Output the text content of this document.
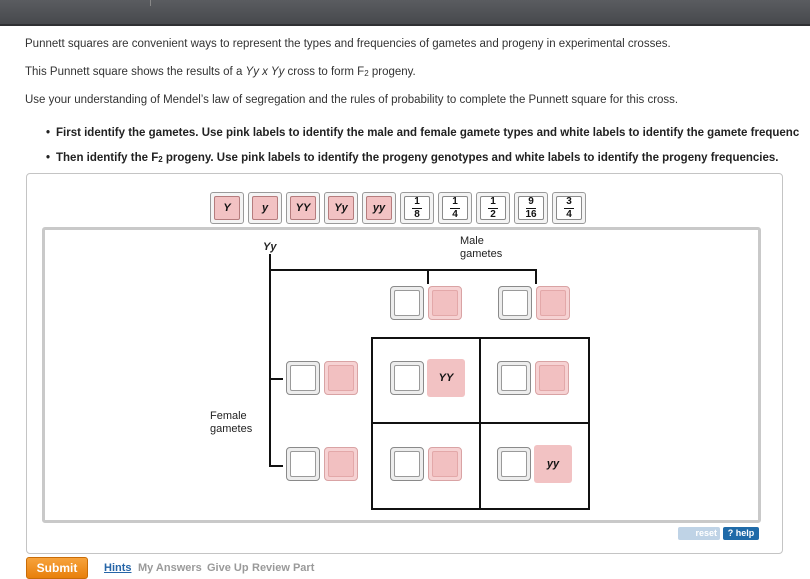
Punnett squares are convenient ways to represent the types and frequencies of gametes and progeny in experimental crosses.
This Punnett square shows the results of a Yy x Yy cross to form $F_2$ progeny.
Use your understanding of Mendel’s law of segregation and the rules of probability to complete the Punnett square for this cross.
• First identify the gametes. Use pink labels to identify the male and female gamete types and white labels to identify the gamete frequenc
• Then identify the $F_2$ progeny. Use pink labels to identify the progeny genotypes and white labels to identify the progeny frequencies.
Y	y	YY	Yy	yy	$\frac{1}{8}$	$\frac{1}{4}$	$\frac{1}{2}$	$\frac{9}{16}$	$\frac{3}{4}$
Yy	Male
gametes
Female
gametes
YY
yy
reset	? help
Submit	Hints My Answers Give Up Review Part
